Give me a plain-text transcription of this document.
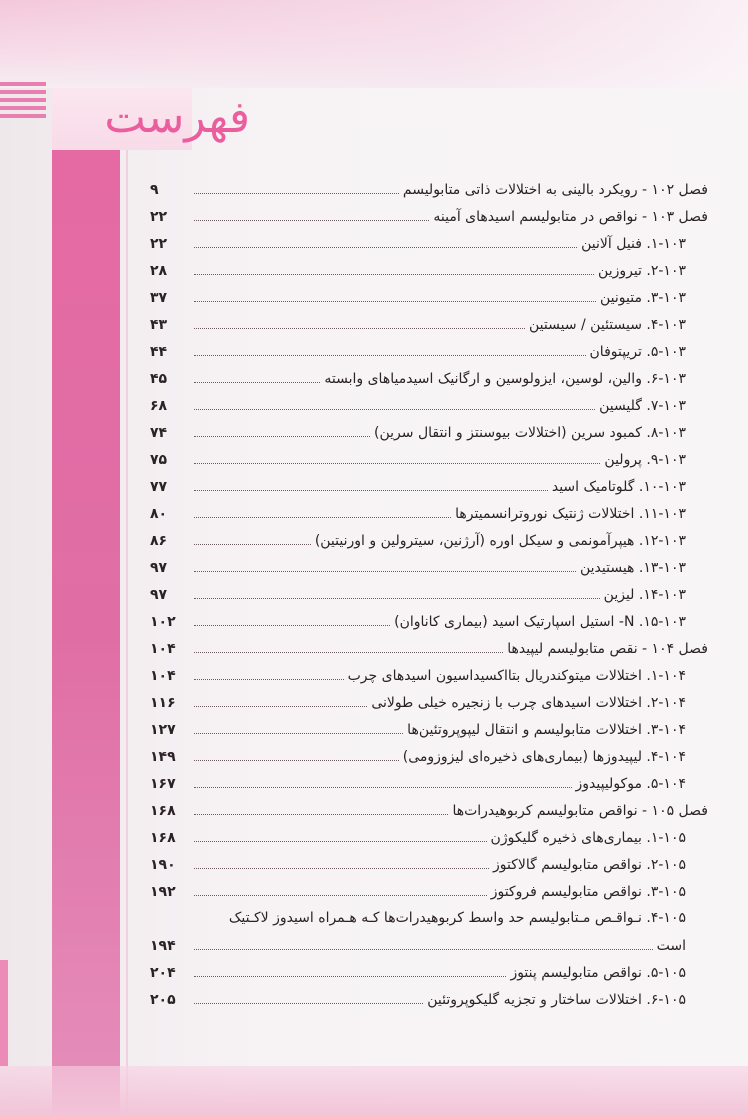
فهرست
فصل ۱۰۲ - رویکرد بالینی به اختلالات ذاتی متابولیسم
۹
فصل ۱۰۳ - نواقص در متابولیسم اسیدهای آمینه
۲۲
۱-۱۰۳. فنیل آلانین
۲۲
۲-۱۰۳. تیروزین
۲۸
۳-۱۰۳. متیونین
۳۷
۴-۱۰۳. سیستئین / سیستین
۴۳
۵-۱۰۳. تریپتوفان
۴۴
۶-۱۰۳. والین، لوسین، ایزولوسین و ارگانیک اسیدمیاهای وابسته
۴۵
۷-۱۰۳. گلیسین
۶۸
۸-۱۰۳. کمبود سرین (اختلالات بیوسنتز و انتقال سرین)
۷۴
۹-۱۰۳. پرولین
۷۵
۱۰-۱۰۳. گلوتامیک اسید
۷۷
۱۱-۱۰۳. اختلالات ژنتیک نوروترانسمیترها
۸۰
۱۲-۱۰۳. هیپرآمونمی و سیکل اوره (آرژنین، سیترولین و اورنیتین)
۸۶
۱۳-۱۰۳. هیستیدین
۹۷
۱۴-۱۰۳. لیزین
۹۷
۱۵-۱۰۳. N- استیل اسپارتیک اسید (بیماری کاناوان)
۱۰۲
فصل ۱۰۴ - نقص متابولیسم لیپیدها
۱۰۴
۱-۱۰۴. اختلالات میتوکندریال بتااکسیداسیون اسیدهای چرب
۱۰۴
۲-۱۰۴. اختلالات اسیدهای چرب با زنجیره خیلی طولانی
۱۱۶
۳-۱۰۴. اختلالات متابولیسم و انتقال لیپوپروتئین‌ها
۱۲۷
۴-۱۰۴. لیپیدوزها (بیماری‌های ذخیره‌ای لیزوزومی)
۱۴۹
۵-۱۰۴. موکولیپیدوز
۱۶۷
فصل ۱۰۵ - نواقص متابولیسم کربوهیدرات‌ها
۱۶۸
۱-۱۰۵. بیماری‌های ذخیره گلیکوژن
۱۶۸
۲-۱۰۵. نواقص متابولیسم گالاکتوز
۱۹۰
۳-۱۰۵. نواقص متابولیسم فروکتوز
۱۹۲
۴-۱۰۵. نـواقـص مـتابولیسم حد واسط کربوهیدرات‌ها کـه هـمراه اسیدوز لاکـتیک
است
۱۹۴
۵-۱۰۵. نواقص متابولیسم پنتوز
۲۰۴
۶-۱۰۵. اختلالات ساختار و تجزیه گلیکوپروتئین
۲۰۵
